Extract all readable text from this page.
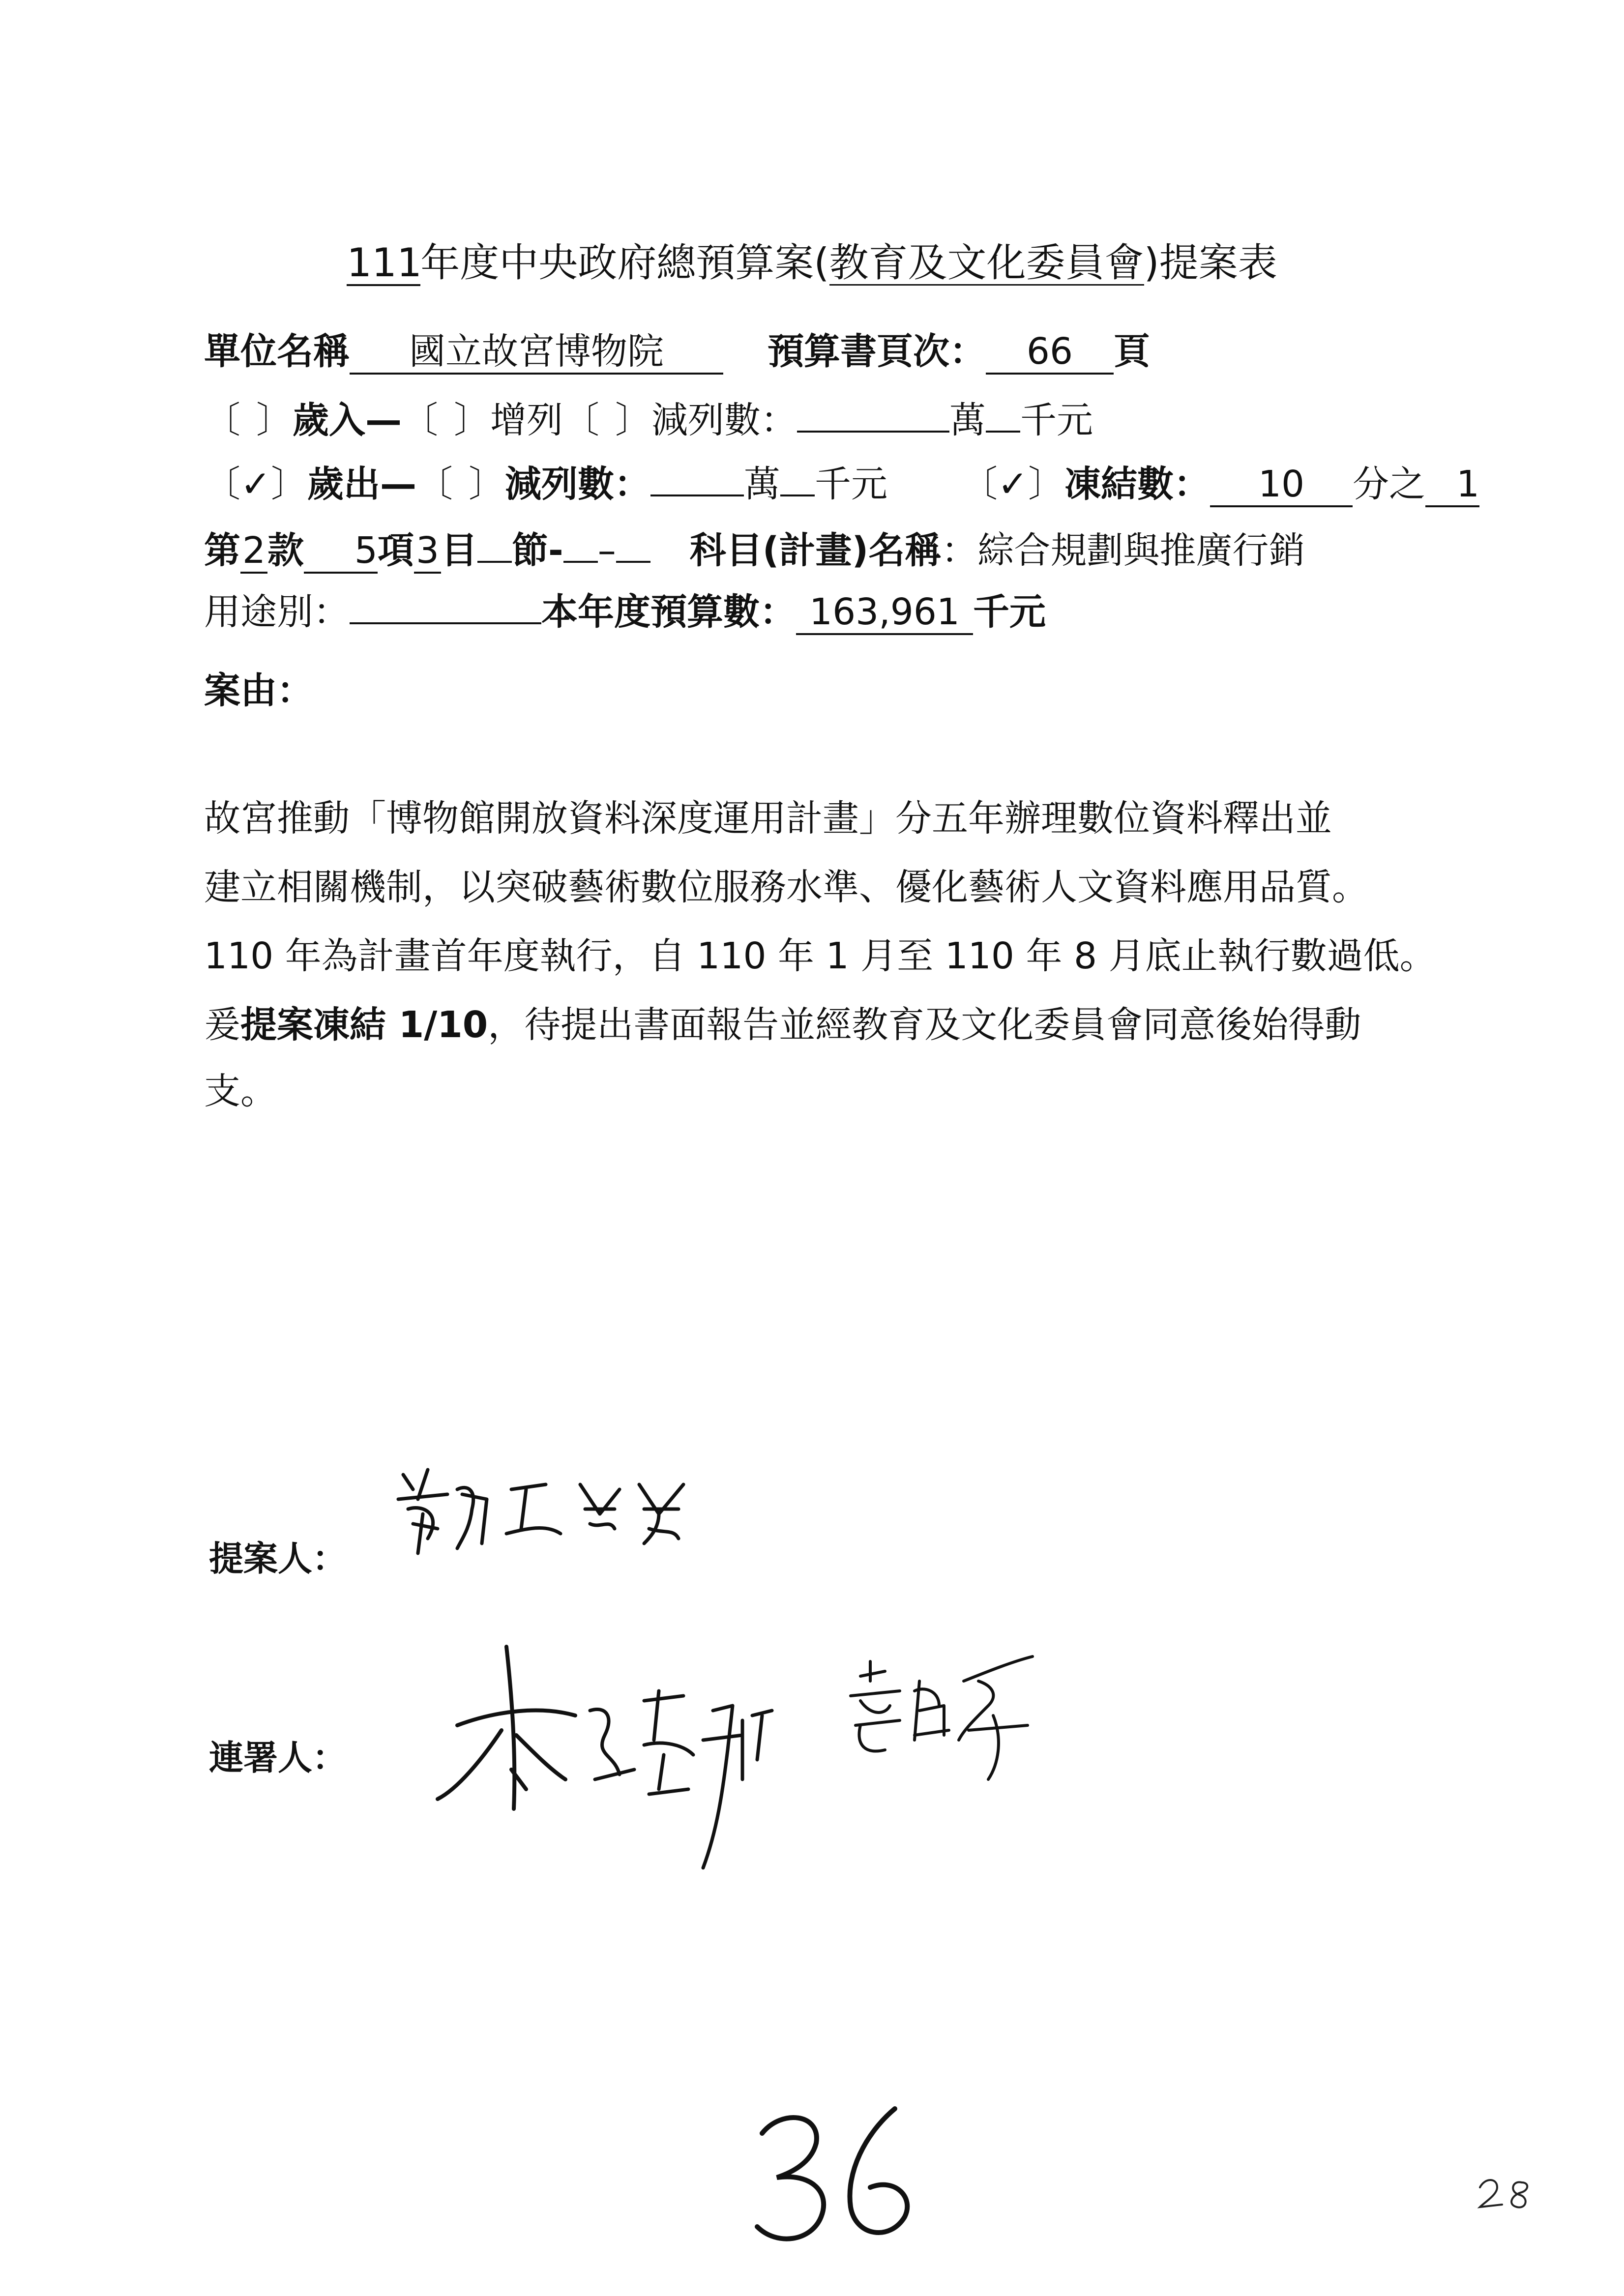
111年度中央政府總預算案(教育及文化委員會)提案表
單位名稱 國立故宮博物院	預算書頁次： 66 頁
〔 〕歲入—〔 〕增列〔 〕減列數：	萬 千元
〔✓〕歲出—〔 〕減列數：	萬 千元 〔✓〕凍結數： 10 分之 1
第2款 5項3目 節- – 科目(計畫)名稱：綜合規劃與推廣行銷
用途別：	本年度預算數： 163,961 千元
案由：
故宮推動「博物館開放資料深度運用計畫」分五年辦理數位資料釋出並
建立相關機制，以突破藝術數位服務水準、優化藝術人文資料應用品質。
110 年為計畫首年度執行，自 110 年 1 月至 110 年 8 月底止執行數過低。
爰提案凍結 1/10，待提出書面報告並經教育及文化委員會同意後始得動
支。
提案人：
連署人：
36
28
